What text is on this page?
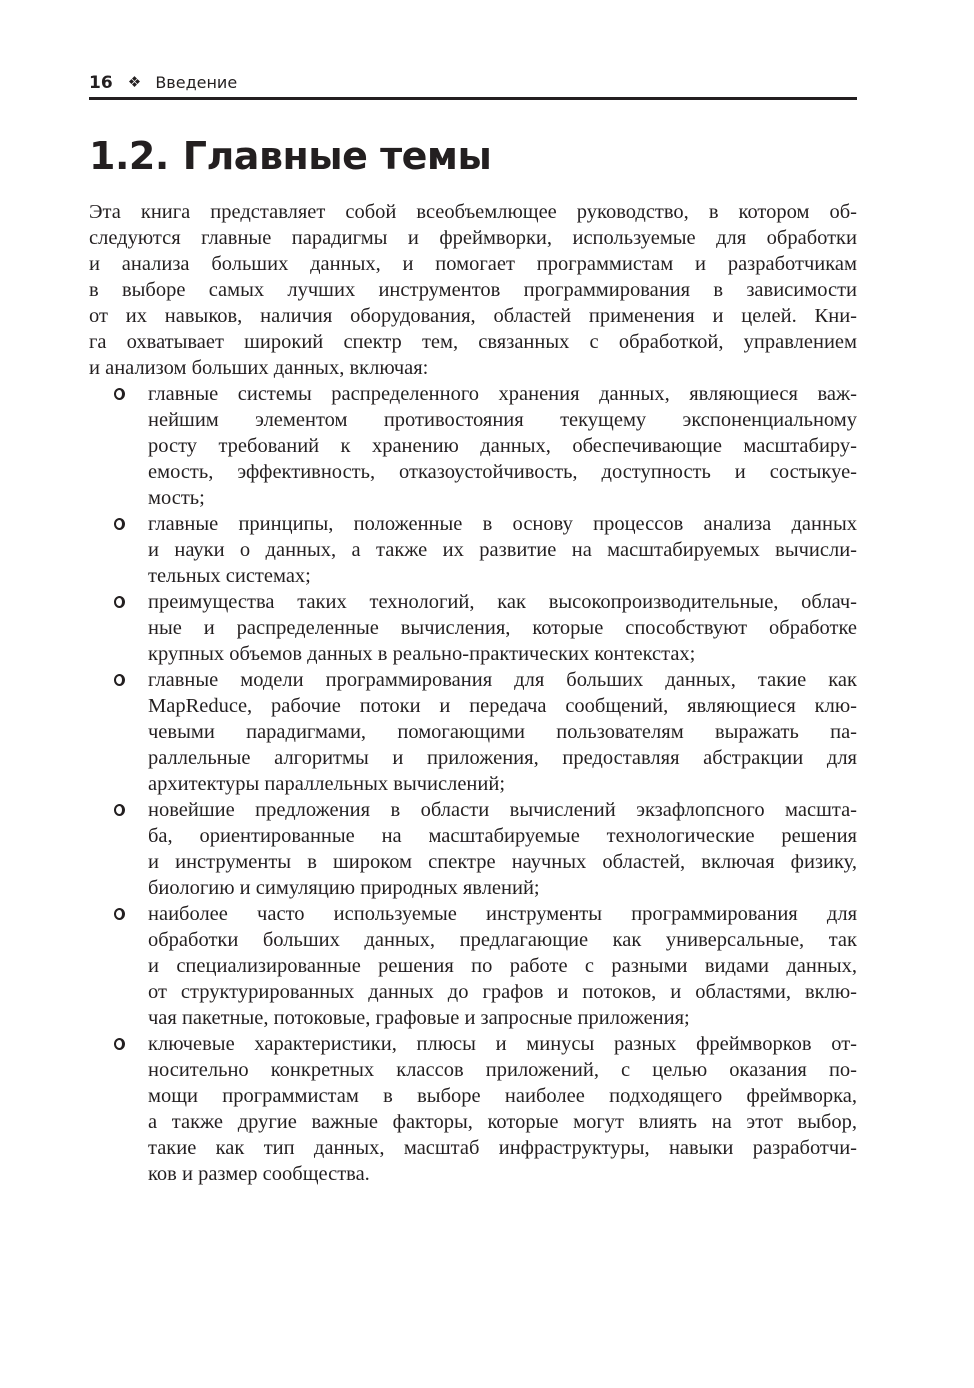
16 ❖ Введение
1.2. Главные темы

Эта книга представляет собой всеобъемлющее руководство, в котором об-
следуются главные парадигмы и фреймворки, используемые для обработки
и анализа больших данных, и помогает программистам и разработчикам
в выборе самых лучших инструментов программирования в зависимости
от их навыков, наличия оборудования, областей применения и целей. Кни-
га охватывает широкий спектр тем, связанных с обработкой, управлением
и анализом больших данных, включая:

главные системы распределенного хранения данных, являющиеся важ-
нейшим элементом противостояния текущему экспоненциальному
росту требований к хранению данных, обеспечивающие масштабиру-
емость, эффективность, отказоустойчивость, доступность и состыкуе-
мость;
главные принципы, положенные в основу процессов анализа данных
и науки о данных, а также их развитие на масштабируемых вычисли-
тельных системах;
преимущества таких технологий, как высокопроизводительные, облач-
ные и распределенные вычисления, которые способствуют обработке
крупных объемов данных в реально-практических контекстах;
главные модели программирования для больших данных, такие как
MapReduce, рабочие потоки и передача сообщений, являющиеся клю-
чевыми парадигмами, помогающими пользователям выражать па-
раллельные алгоритмы и приложения, предоставляя абстракции для
архитектуры параллельных вычислений;
новейшие предложения в области вычислений экзафлопсного масшта-
ба, ориентированные на масштабируемые технологические решения
и инструменты в широком спектре научных областей, включая физику,
биологию и симуляцию природных явлений;
наиболее часто используемые инструменты программирования для
обработки больших данных, предлагающие как универсальные, так
и специализированные решения по работе с разными видами данных,
от структурированных данных до графов и потоков, и областями, вклю-
чая пакетные, потоковые, графовые и запросные приложения;
ключевые характеристики, плюсы и минусы разных фреймворков от-
носительно конкретных классов приложений, с целью оказания по-
мощи программистам в выборе наиболее подходящего фреймворка,
а также другие важные факторы, которые могут влиять на этот выбор,
такие как тип данных, масштаб инфраструктуры, навыки разработчи-
ков и размер сообщества.
